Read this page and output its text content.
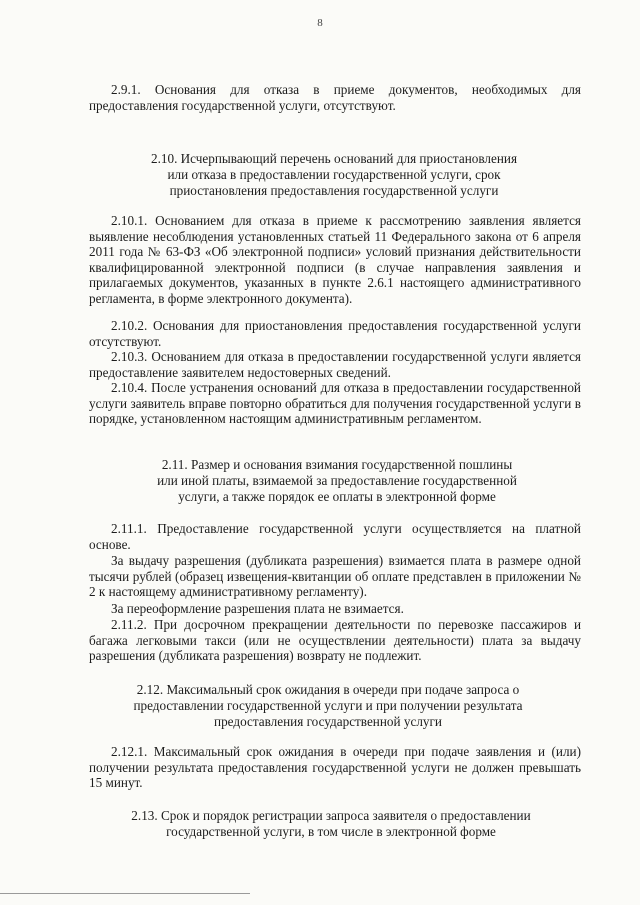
8

2.9.1. Основания для отказа в приеме документов, необходимых для предоставления государственной услуги, отсутствуют.

2.10. Исчерпывающий перечень оснований для приостановления
или отказа в предоставлении государственной услуги, срок
приостановления предоставления государственной услуги

2.10.1. Основанием для отказа в приеме к рассмотрению заявления является выявление несоблюдения установленных статьей 11 Федерального закона от 6 апреля 2011 года № 63-ФЗ «Об электронной подписи» условий признания действительности квалифицированной электронной подписи (в случае направления заявления и прилагаемых документов, указанных в пункте 2.6.1 настоящего административного регламента, в форме электронного документа).

2.10.2. Основания для приостановления предоставления государственной услуги отсутствуют.

2.10.3. Основанием для отказа в предоставлении государственной услуги является предоставление заявителем недостоверных сведений.

2.10.4. После устранения оснований для отказа в предоставлении государственной услуги заявитель вправе повторно обратиться для получения государственной услуги в порядке, установленном настоящим административным регламентом.

2.11. Размер и основания взимания государственной пошлины
или иной платы, взимаемой за предоставление государственной
услуги, а также порядок ее оплаты в электронной форме

2.11.1. Предоставление государственной услуги осуществляется на платной основе.

За выдачу разрешения (дубликата разрешения) взимается плата в размере одной тысячи рублей (образец извещения-квитанции об оплате представлен в приложении № 2 к настоящему административному регламенту).

За переоформление разрешения плата не взимается.

2.11.2. При досрочном прекращении деятельности по перевозке пассажиров и багажа легковыми такси (или не осуществлении деятельности) плата за выдачу разрешения (дубликата разрешения) возврату не подлежит.

2.12. Максимальный срок ожидания в очереди при подаче запроса о
предоставлении государственной услуги и при получении результата
предоставления государственной услуги

2.12.1. Максимальный срок ожидания в очереди при подаче заявления и (или) получении результата предоставления государственной услуги не должен превышать 15 минут.

2.13. Срок и порядок регистрации запроса заявителя о предоставлении
государственной услуги, в том числе в электронной форме
